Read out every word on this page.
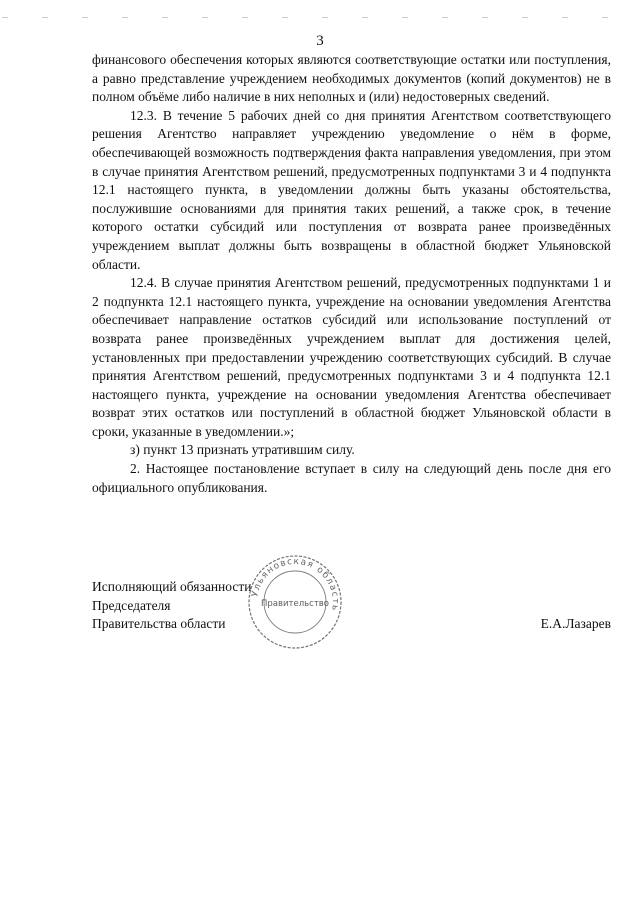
3

финансового обеспечения которых являются соответствующие остатки или поступления, а равно представление учреждением необходимых документов (копий документов) не в полном объёме либо наличие в них неполных и (или) недостоверных сведений.

12.3. В течение 5 рабочих дней со дня принятия Агентством соответствующего решения Агентство направляет учреждению уведомление о нём в форме, обеспечивающей возможность подтверждения факта направления уведомления, при этом в случае принятия Агентством решений, предусмотренных подпунктами 3 и 4 подпункта 12.1 настоящего пункта, в уведомлении должны быть указаны обстоятельства, послужившие основаниями для принятия таких решений, а также срок, в течение которого остатки субсидий или поступления от возврата ранее произведённых учреждением выплат должны быть возвращены в областной бюджет Ульяновской области.

12.4. В случае принятия Агентством решений, предусмотренных подпунктами 1 и 2 подпункта 12.1 настоящего пункта, учреждение на основании уведомления Агентства обеспечивает направление остатков субсидий или использование поступлений от возврата ранее произведённых учреждением выплат для достижения целей, установленных при предоставлении учреждению соответствующих субсидий. В случае принятия Агентством решений, предусмотренных подпунктами 3 и 4 подпункта 12.1 настоящего пункта, учреждение на основании уведомления Агентства обеспечивает возврат этих остатков или поступлений в областной бюджет Ульяновской области в сроки, указанные в уведомлении.»;

з) пункт 13 признать утратившим силу.

2. Настоящее постановление вступает в силу на следующий день после дня его официального опубликования.

Исполняющий обязанности
Председателя
Правительства области	Е.А.Лазарев
Ульяновская область
Правительство
